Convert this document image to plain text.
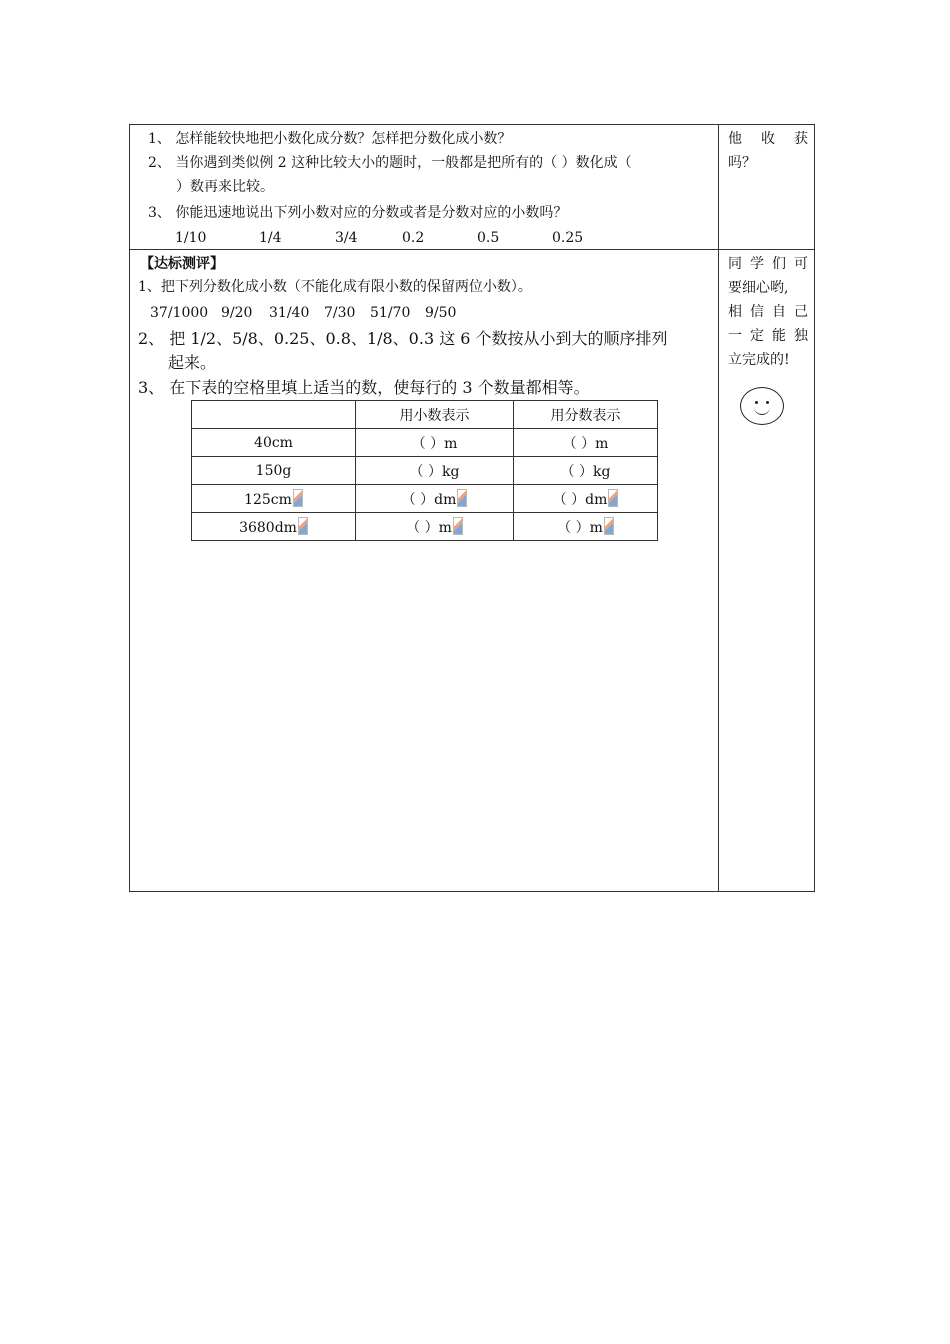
1、 怎样能较快地把小数化成分数？怎样把分数化成小数？
2、 当你遇到类似例 2 这种比较大小的题时，一般都是把所有的（ ）数化成（
）数再来比较。
3、 你能迅速地说出下列小数对应的分数或者是分数对应的小数吗？
1/10	1/4	3/4	0.2	0.5	0.25
他 收 获
吗？
【达标测评】
1、把下列分数化成小数（不能化成有限小数的保留两位小数）。
37/1000 9/20 31/40 7/30 51/70 9/50
2、 把 1/2、5/8、0.25、0.8、1/8、0.3 这 6 个数按从小到大的顺序排列
起来。
3、 在下表的空格里填上适当的数，使每行的 3 个数量都相等。
	用小数表示	用分数表示
40cm	（ ）m	（ ）m
150g	（ ）kg	（ ）kg
125cm	（ ）dm	（ ）dm
3680dm	（ ）m	（ ）m
同 学 们 可
要细心哟,
相 信 自 己
一 定 能 独
立完成的!
